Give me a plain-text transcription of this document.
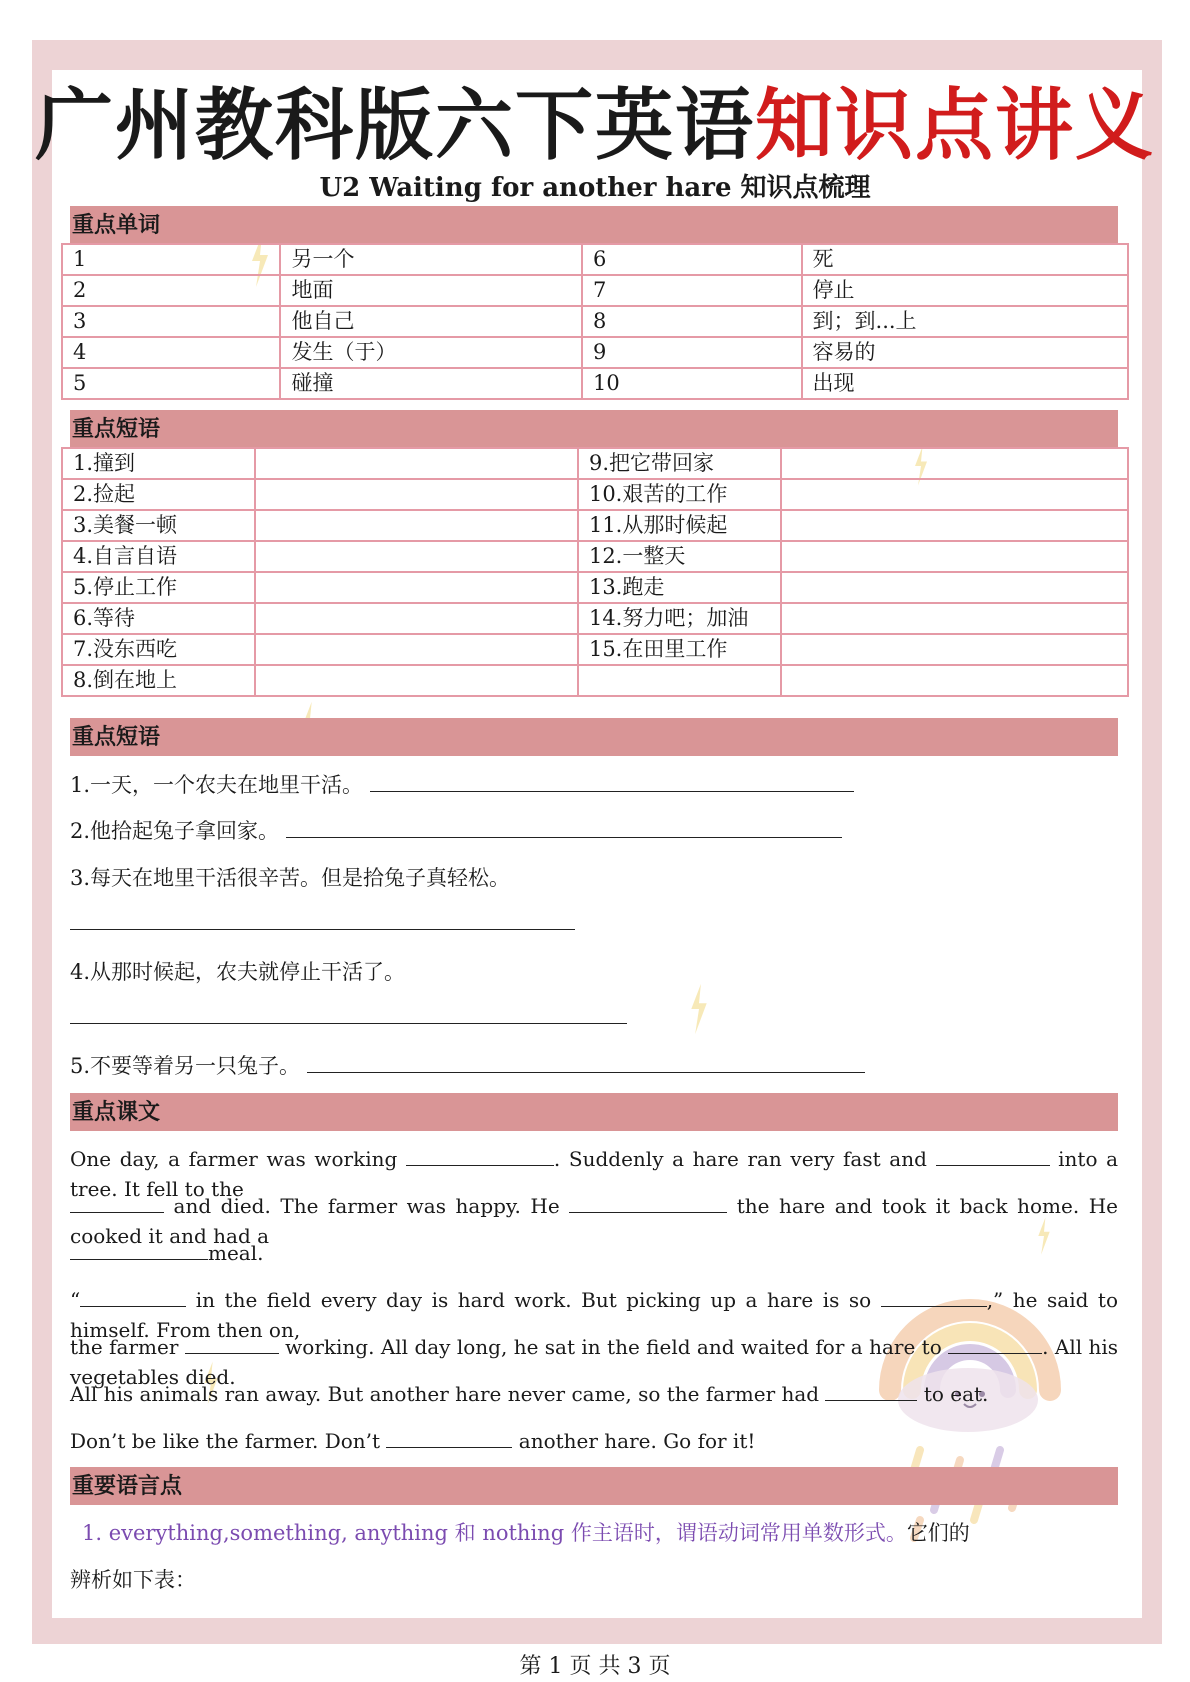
广州教科版六下英语知识点讲义
U2 Waiting for another hare 知识点梳理
重点单词
1	另一个	6	死
2	地面	7	停止
3	他自己	8	到；到...上
4	发生（于）	9	容易的
5	碰撞	10	出现
重点短语
1.撞到		9.把它带回家	
2.捡起		10.艰苦的工作	
3.美餐一顿		11.从那时候起	
4.自言自语		12.一整天	
5.停止工作		13.跑走	
6.等待		14.努力吧；加油	
7.没东西吃		15.在田里工作	
8.倒在地上			
重点短语
1.一天，一个农夫在地里干活。
2.他拾起兔子拿回家。
3.每天在地里干活很辛苦。但是拾兔子真轻松。
4.从那时候起，农夫就停止干活了。
5.不要等着另一只兔子。
重点课文
One day, a farmer was working	. Suddenly a hare ran very fast and	into a tree. It fell to the
and died. The farmer was happy. He	the hare and took it back home. He cooked it and had a
meal.
“	in the field every day is hard work. But picking up a hare is so	,” he said to himself. From then on,
the farmer	working. All day long, he sat in the field and waited for a hare to	. All his vegetables died.
All his animals ran away. But another hare never came, so the farmer had	to eat.
Don’t be like the farmer. Don’t	another hare. Go for it!
重要语言点
1. everything,something, anything 和 nothing 作主语时，谓语动词常用单数形式。它们的
辨析如下表：
第 1 页 共 3 页
